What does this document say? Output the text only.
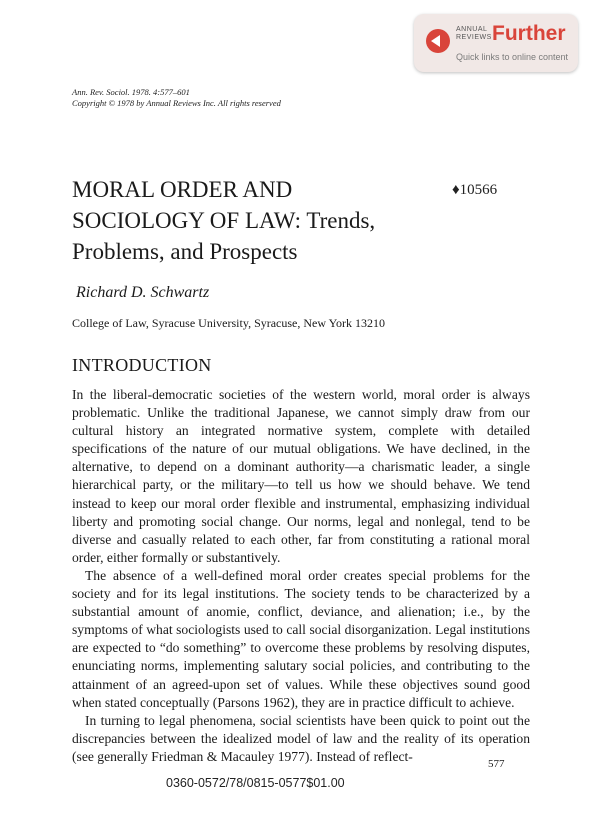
ANNUAL
REVIEWS Further
Quick links to online content
Ann. Rev. Sociol. 1978. 4:577–601
Copyright © 1978 by Annual Reviews Inc. All rights reserved
MORAL ORDER AND
SOCIOLOGY OF LAW: Trends,
Problems, and Prospects
♦10566
Richard D. Schwartz
College of Law, Syracuse University, Syracuse, New York 13210
INTRODUCTION

In the liberal-democratic societies of the western world, moral order is always problematic. Unlike the traditional Japanese, we cannot simply draw from our cultural history an integrated normative system, complete with detailed specifications of the nature of our mutual obligations. We have declined, in the alternative, to depend on a dominant authority—a charismatic leader, a single hierarchical party, or the military—to tell us how we should behave. We tend instead to keep our moral order flexible and instrumental, emphasizing individual liberty and promoting social change. Our norms, legal and nonlegal, tend to be diverse and casually related to each other, far from constituting a rational moral order, either formally or substantively.

The absence of a well-defined moral order creates special problems for the society and for its legal institutions. The society tends to be characterized by a substantial amount of anomie, conflict, deviance, and alienation; i.e., by the symptoms of what sociologists used to call social disorganization. Legal institutions are expected to “do something” to overcome these problems by resolving disputes, enunciating norms, implementing salutary social policies, and contributing to the attainment of an agreed-upon set of values. While these objectives sound good when stated conceptually (Parsons 1962), they are in practice difficult to achieve.

In turning to legal phenomena, social scientists have been quick to point out the discrepancies between the idealized model of law and the reality of its operation (see generally Friedman & Macauley 1977). Instead of reflect-

577
0360-0572/78/0815-0577$01.00
